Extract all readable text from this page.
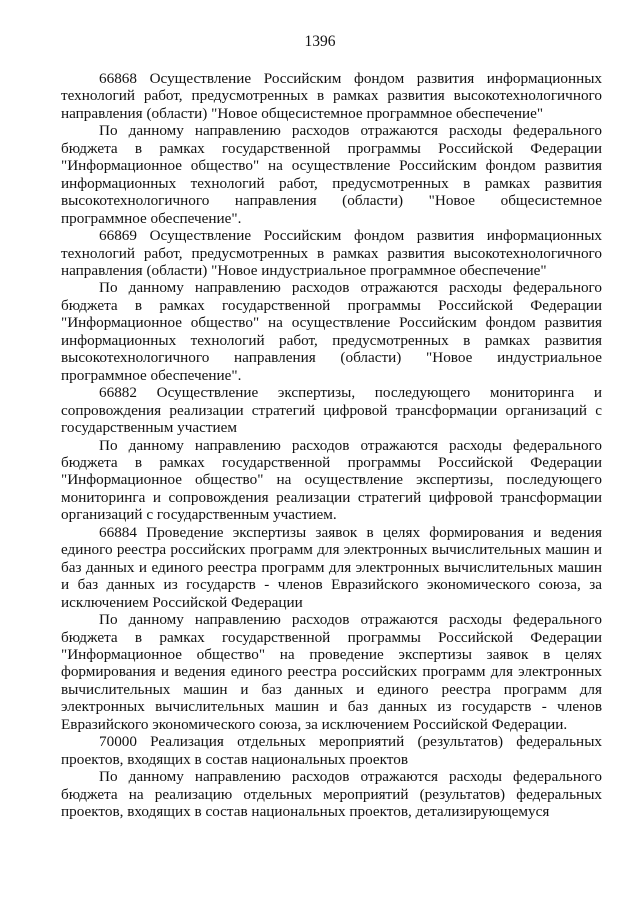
1396

66868 Осуществление Российским фондом развития информационных технологий работ, предусмотренных в рамках развития высокотехнологичного направления (области) "Новое общесистемное программное обеспечение"

По данному направлению расходов отражаются расходы федерального бюджета в рамках государственной программы Российской Федерации "Информационное общество" на осуществление Российским фондом развития информационных технологий работ, предусмотренных в рамках развития высокотехнологичного направления (области) "Новое общесистемное программное обеспечение".

66869 Осуществление Российским фондом развития информационных технологий работ, предусмотренных в рамках развития высокотехнологичного направления (области) "Новое индустриальное программное обеспечение"

По данному направлению расходов отражаются расходы федерального бюджета в рамках государственной программы Российской Федерации "Информационное общество" на осуществление Российским фондом развития информационных технологий работ, предусмотренных в рамках развития высокотехнологичного направления (области) "Новое индустриальное программное обеспечение".

66882 Осуществление экспертизы, последующего мониторинга и сопровождения реализации стратегий цифровой трансформации организаций с государственным участием

По данному направлению расходов отражаются расходы федерального бюджета в рамках государственной программы Российской Федерации "Информационное общество" на осуществление экспертизы, последующего мониторинга и сопровождения реализации стратегий цифровой трансформации организаций с государственным участием.

66884 Проведение экспертизы заявок в целях формирования и ведения единого реестра российских программ для электронных вычислительных машин и баз данных и единого реестра программ для электронных вычислительных машин и баз данных из государств - членов Евразийского экономического союза, за исключением Российской Федерации

По данному направлению расходов отражаются расходы федерального бюджета в рамках государственной программы Российской Федерации "Информационное общество" на проведение экспертизы заявок в целях формирования и ведения единого реестра российских программ для электронных вычислительных машин и баз данных и единого реестра программ для электронных вычислительных машин и баз данных из государств - членов Евразийского экономического союза, за исключением Российской Федерации.

70000 Реализация отдельных мероприятий (результатов) федеральных проектов, входящих в состав национальных проектов

По данному направлению расходов отражаются расходы федерального бюджета на реализацию отдельных мероприятий (результатов) федеральных проектов, входящих в состав национальных проектов, детализирующемуся
